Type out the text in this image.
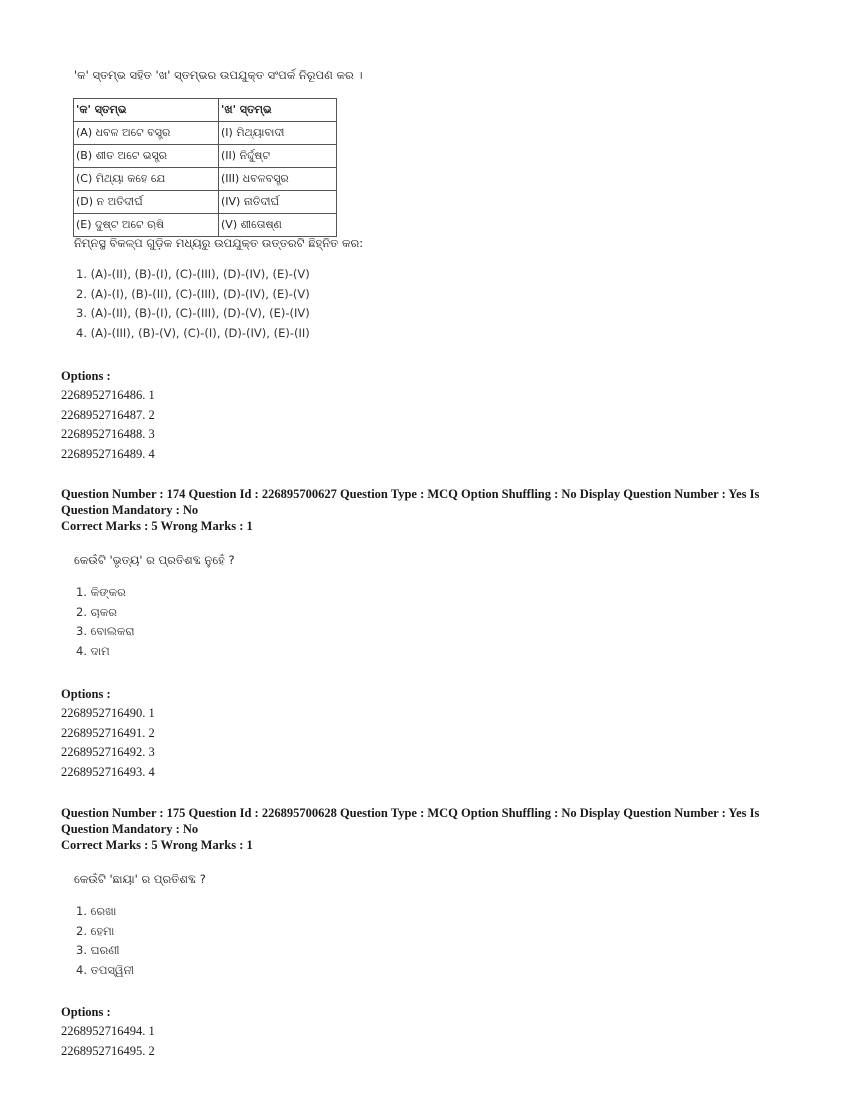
'କ' ସ୍ତମ୍ଭ ସହିତ 'ଖ' ସ୍ତମ୍ଭର ଉପଯୁକ୍ତ ସଂପର୍କ ନିରୂପଣ କର ।
'କ' ସ୍ତମ୍ଭ	'ଖ' ସ୍ତମ୍ଭ
(A) ଧବଳ ଅଟେ ବସ୍ତ୍ର	(I) ମିଥ୍ୟାବାଦୀ
(B) ଶୀତ ଅଟେ ଭସ୍ତ୍ର	(II) ନିର୍ଦ୍ଦୁଷ୍ଟ
(C) ମିଥ୍ୟା କହେ ଯେ	(III) ଧବଳବସ୍ତ୍ର
(D) ନ ଅତିଦୀର୍ଘ	(IV) ନାତିଦୀର୍ଘ
(E) ଦୁଷ୍ଟ ଅଟେ ଋଷି	(V) ଶୀତୋଷ୍ଣ
ନିମ୍ନସ୍ଥ ବିକଳ୍ପ ଗୁଡ଼ିକ ମଧ୍ୟରୁ ଉପଯୁକ୍ତ ଉତ୍ତରଟି ଛିହ୍ନିତ କର:
1. (A)-(II), (B)-(I), (C)-(III), (D)-(IV), (E)-(V)
2. (A)-(I), (B)-(II), (C)-(III), (D)-(IV), (E)-(V)
3. (A)-(II), (B)-(I), (C)-(III), (D)-(V), (E)-(IV)
4. (A)-(III), (B)-(V), (C)-(I), (D)-(IV), (E)-(II)
Options :
2268952716486. 1
2268952716487. 2
2268952716488. 3
2268952716489. 4
Question Number : 174 Question Id : 226895700627 Question Type : MCQ Option Shuffling : No Display Question Number : Yes Is
Question Mandatory : No
Correct Marks : 5 Wrong Marks : 1
କେଉଁଟି 'ଭୃତ୍ୟ' ର ପ୍ରତିଶବ୍ଦ ନୁହେଁ ?
1. କିଙ୍କର
2. ଚାକର
3. ବୋଲକରା
4. ଦାମ
Options :
2268952716490. 1
2268952716491. 2
2268952716492. 3
2268952716493. 4
Question Number : 175 Question Id : 226895700628 Question Type : MCQ Option Shuffling : No Display Question Number : Yes Is
Question Mandatory : No
Correct Marks : 5 Wrong Marks : 1
କେଉଁଟି 'ଛାୟା' ର ପ୍ରତିଶବ୍ଦ ?
1. ରେଖା
2. ହେମା
3. ଘରଣୀ
4. ତପସ୍ୱିନୀ
Options :
2268952716494. 1
2268952716495. 2
